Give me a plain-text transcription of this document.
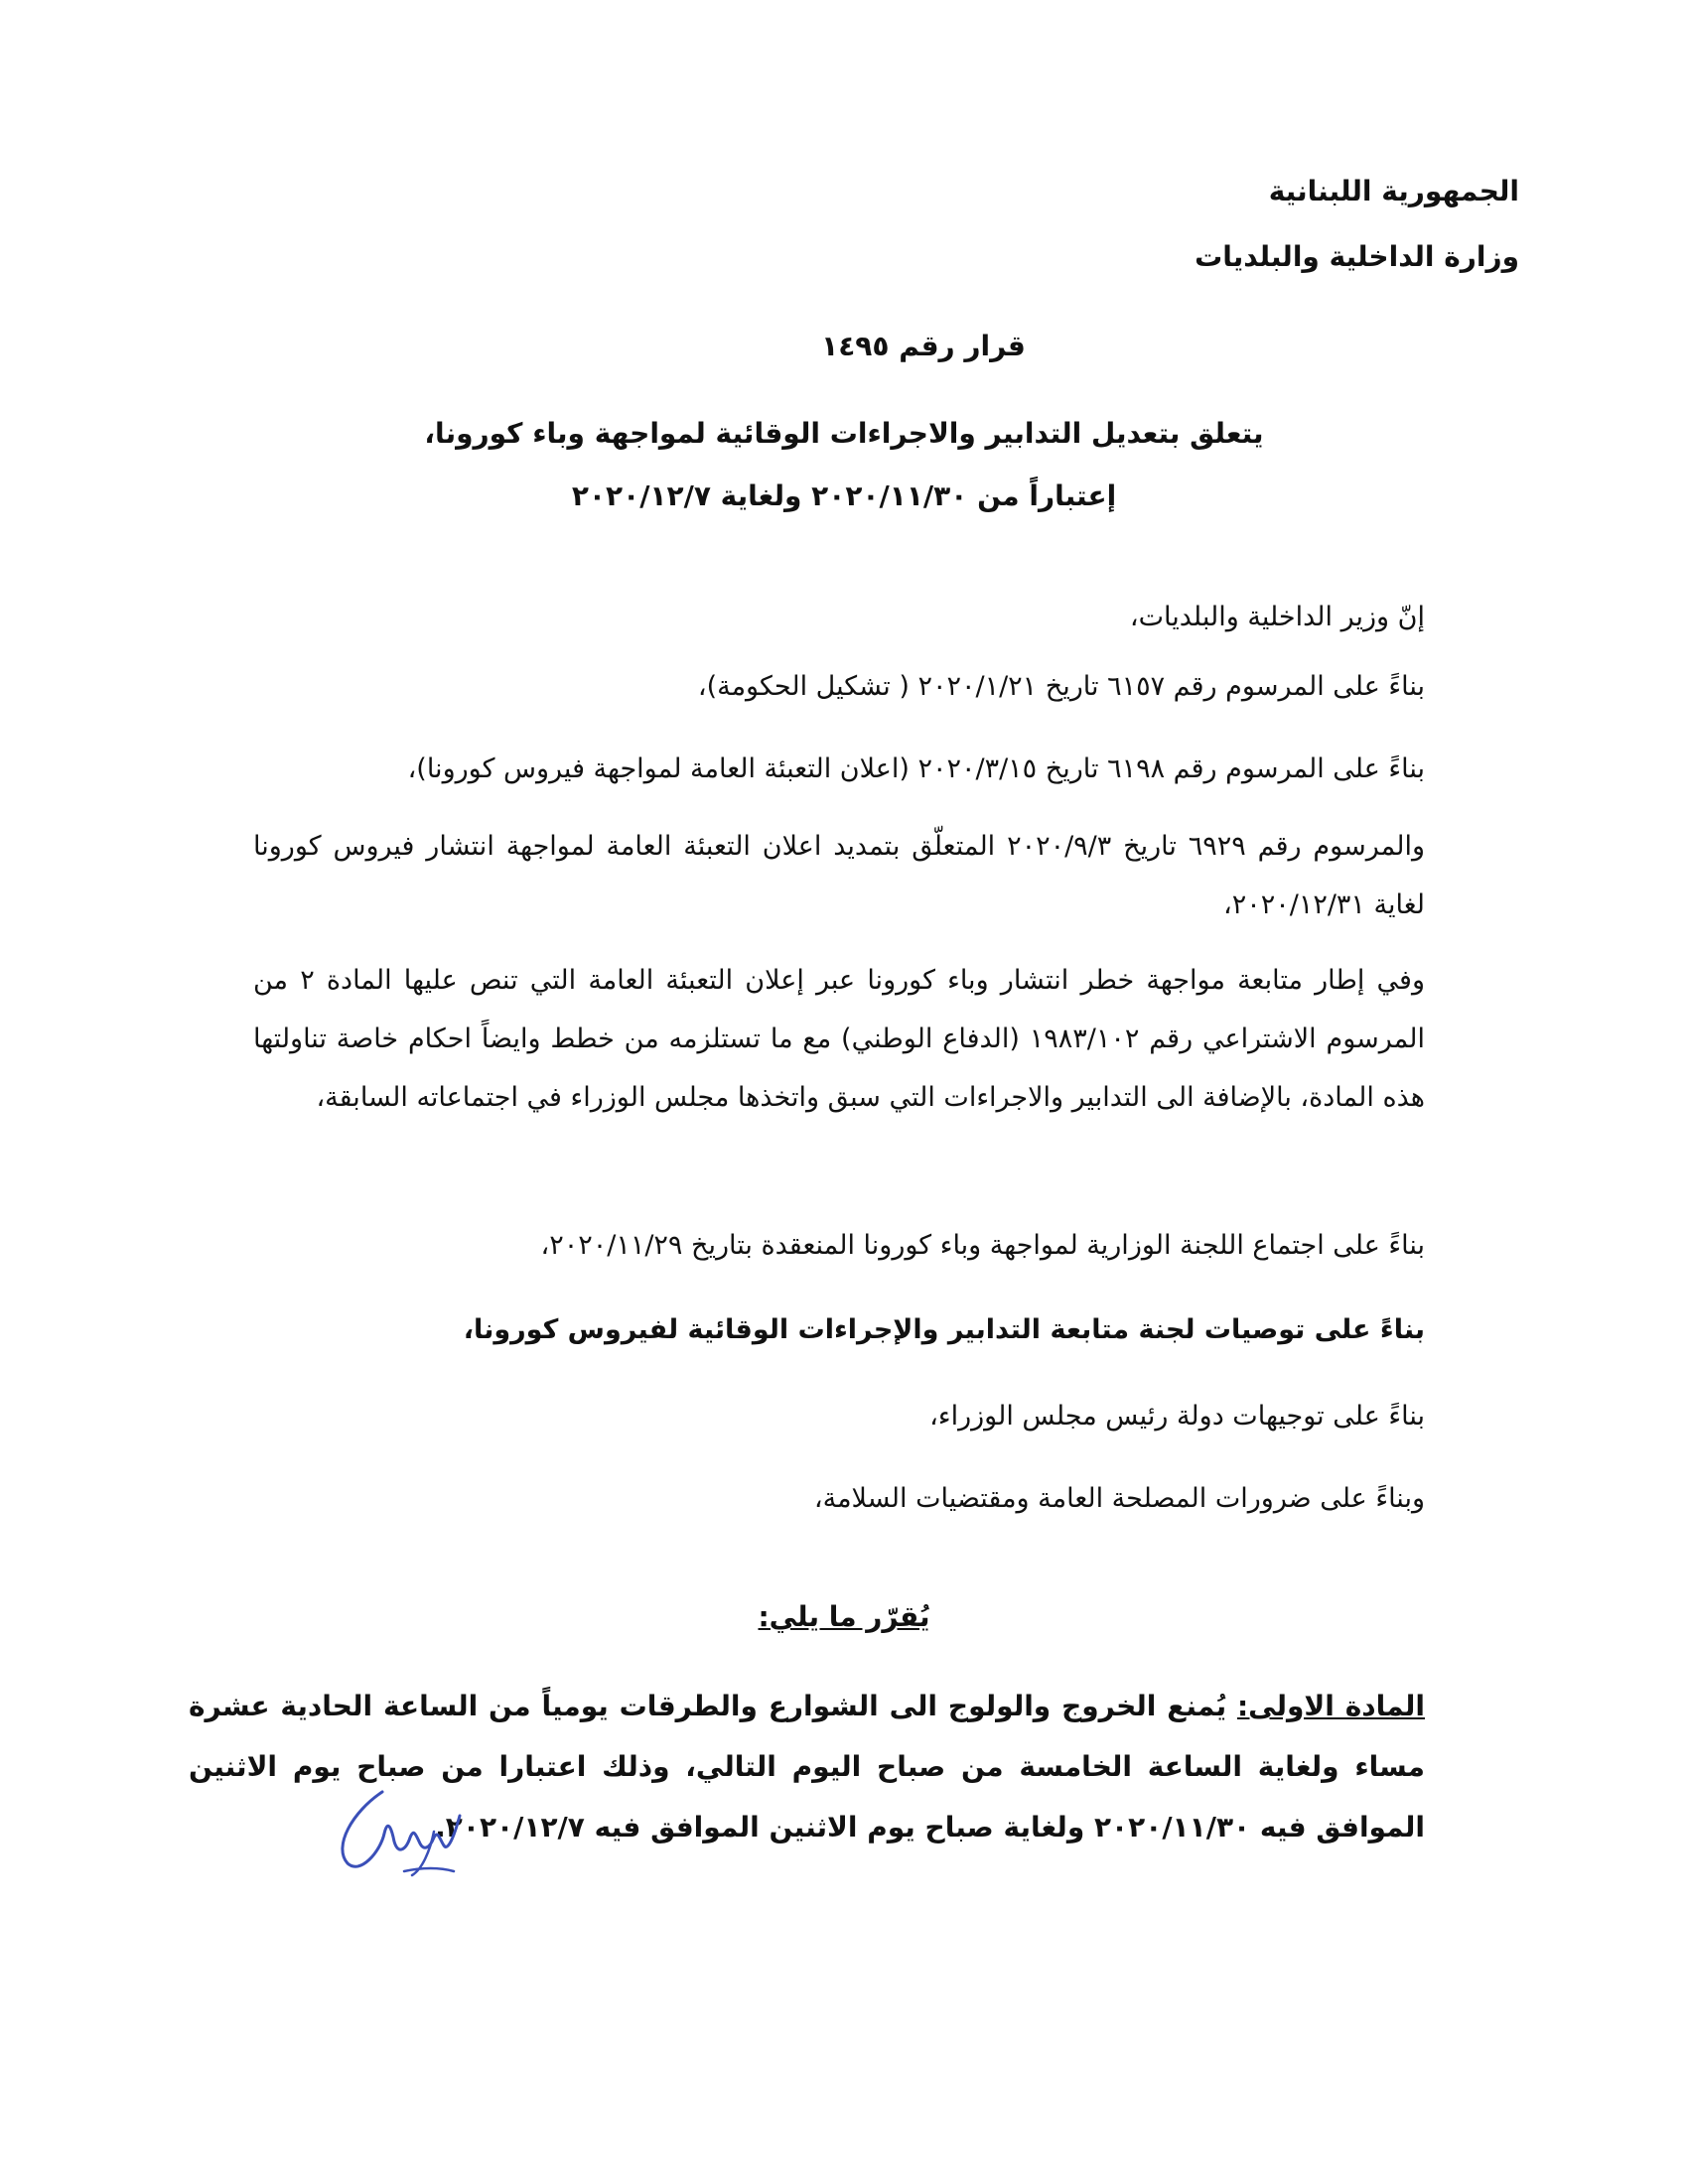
الجمهورية اللبنانية
وزارة الداخلية والبلديات
قرار رقم ١٤٩٥
يتعلق بتعديل التدابير والاجراءات الوقائية لمواجهة وباء كورونا،
إعتباراً من ٢٠٢٠/١١/٣٠ ولغاية ٢٠٢٠/١٢/٧
إنّ وزير الداخلية والبلديات،
بناءً على المرسوم رقم ٦١٥٧ تاريخ ٢٠٢٠/١/٢١ ( تشكيل الحكومة)،
بناءً على المرسوم رقم ٦١٩٨ تاريخ ٢٠٢٠/٣/١٥ (اعلان التعبئة العامة لمواجهة فيروس كورونا)،
والمرسوم رقم ٦٩٢٩ تاريخ ٢٠٢٠/٩/٣ المتعلّق بتمديد اعلان التعبئة العامة لمواجهة انتشار فيروس كورونا لغاية ٢٠٢٠/١٢/٣١،
وفي إطار متابعة مواجهة خطر انتشار وباء كورونا عبر إعلان التعبئة العامة التي تنص عليها المادة ٢ من المرسوم الاشتراعي رقم ١٩٨٣/١٠٢ (الدفاع الوطني) مع ما تستلزمه من خطط وايضاً احكام خاصة تناولتها هذه المادة، بالإضافة الى التدابير والاجراءات التي سبق واتخذها مجلس الوزراء في اجتماعاته السابقة،
بناءً على اجتماع اللجنة الوزارية لمواجهة وباء كورونا المنعقدة بتاريخ ٢٠٢٠/١١/٢٩،
بناءً على توصيات لجنة متابعة التدابير والإجراءات الوقائية لفيروس كورونا،
بناءً على توجيهات دولة رئيس مجلس الوزراء،
وبناءً على ضرورات المصلحة العامة ومقتضيات السلامة،
يُقرّر ما يلي:
المادة الاولى: يُمنع الخروج والولوج الى الشوارع والطرقات يومياً من الساعة الحادية عشرة مساء ولغاية الساعة الخامسة من صباح اليوم التالي، وذلك اعتبارا من صباح يوم الاثنين الموافق فيه ٢٠٢٠/١١/٣٠ ولغاية صباح يوم الاثنين الموافق فيه ٢٠٢٠/١٢/٧.
